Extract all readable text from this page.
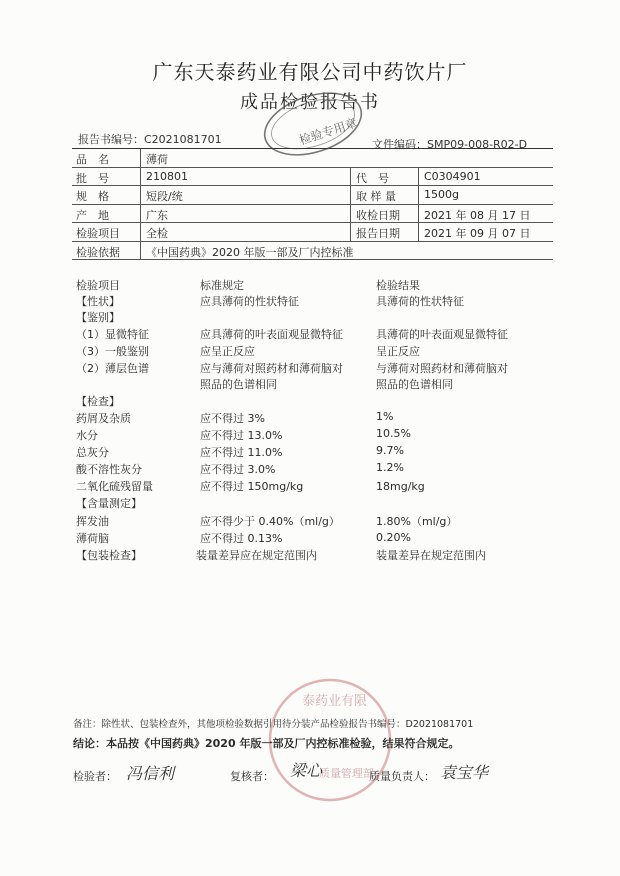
广东天泰药业有限公司中药饮片厂
成品检验报告书
检验专用章
报告书编号：C2021081701	文件编码：SMP09-008-R02-D
品　名	薄荷
批　号	210801	代　号	C0304901
规　格	短段/统	取 样 量	1500g
产　地	广东	收检日期 2021 年 08 月 17 日
检验项目 全检	报告日期 2021 年 09 月 07 日
检验依据 《中国药典》2020 年版一部及厂内控标准
检验项目	标准规定	检验结果
【性状】	应具薄荷的性状特征	具薄荷的性状特征
【鉴别】
（1）显微特征	应具薄荷的叶表面观显微特征	具薄荷的叶表面观显微特征
（3）一般鉴别	应呈正反应	呈正反应
（2）薄层色谱	应与薄荷对照药材和薄荷脑对	与薄荷对照药材和薄荷脑对
照品的色谱相同	照品的色谱相同
【检查】
药屑及杂质	应不得过 3%	1%
水分	应不得过 13.0%	10.5%
总灰分	应不得过 11.0%	9.7%
酸不溶性灰分	应不得过 3.0%	1.2%
二氧化硫残留量	应不得过 150mg/kg	18mg/kg
【含量测定】
挥发油	应不得少于 0.40%（ml/g）	1.80%（ml/g）
薄荷脑	应不得过 0.13%	0.20%
【包装检查】	装量差异应在规定范围内	装量差异在规定范围内
泰药业有限
质量管理部
备注：除性状、包装检查外，其他项检验数据引用待分装产品检验报告书编号：D2021081701
结论：本品按《中国药典》2020 年版一部及厂内控标准检验，结果符合规定。
检验者： 冯信利	复核者： 梁心	质量负责人： 袁宝华
